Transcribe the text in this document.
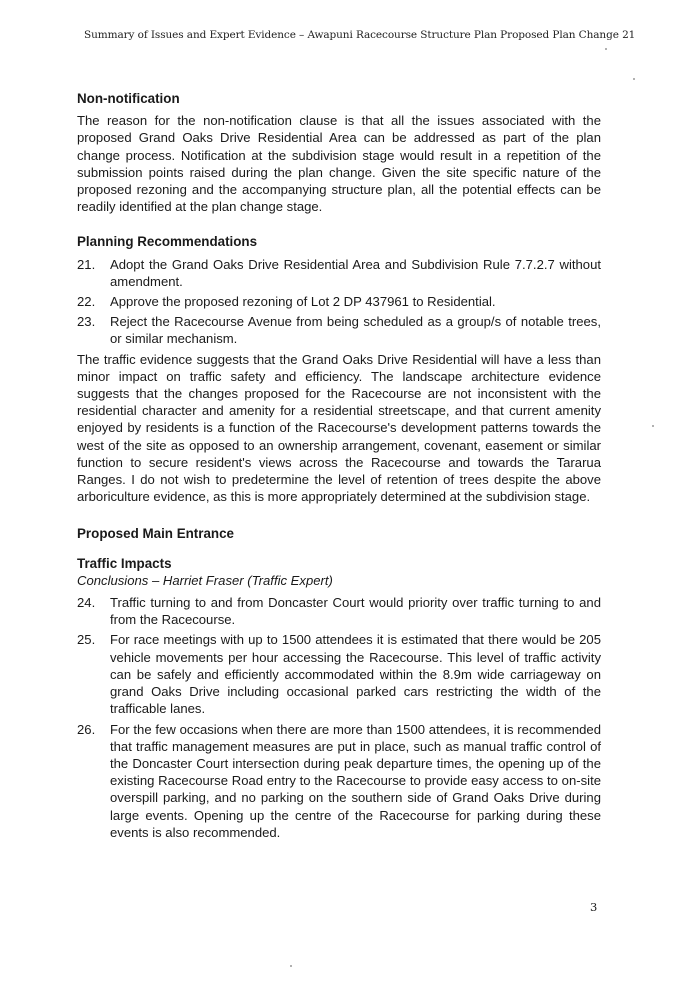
Summary of Issues and Expert Evidence – Awapuni Racecourse Structure Plan Proposed Plan Change 21
Non-notification

The reason for the non-notification clause is that all the issues associated with the proposed Grand Oaks Drive Residential Area can be addressed as part of the plan change process. Notification at the subdivision stage would result in a repetition of the submission points raised during the plan change. Given the site specific nature of the proposed rezoning and the accompanying structure plan, all the potential effects can be readily identified at the plan change stage.

Planning Recommendations
21.	Adopt the Grand Oaks Drive Residential Area and Subdivision Rule 7.7.2.7 without amendment.
22.	Approve the proposed rezoning of Lot 2 DP 437961 to Residential.
23.	Reject the Racecourse Avenue from being scheduled as a group/s of notable trees, or similar mechanism.

The traffic evidence suggests that the Grand Oaks Drive Residential will have a less than minor impact on traffic safety and efficiency. The landscape architecture evidence suggests that the changes proposed for the Racecourse are not inconsistent with the residential character and amenity for a residential streetscape, and that current amenity enjoyed by residents is a function of the Racecourse's development patterns towards the west of the site as opposed to an ownership arrangement, covenant, easement or similar function to secure resident's views across the Racecourse and towards the Tararua Ranges. I do not wish to predetermine the level of retention of trees despite the above arboriculture evidence, as this is more appropriately determined at the subdivision stage.

Proposed Main Entrance
Traffic Impacts

Conclusions – Harriet Fraser (Traffic Expert)

24.	Traffic turning to and from Doncaster Court would priority over traffic turning to and from the Racecourse.
25.	For race meetings with up to 1500 attendees it is estimated that there would be 205 vehicle movements per hour accessing the Racecourse. This level of traffic activity can be safely and efficiently accommodated within the 8.9m wide carriageway on grand Oaks Drive including occasional parked cars restricting the width of the trafficable lanes.
26.	For the few occasions when there are more than 1500 attendees, it is recommended that traffic management measures are put in place, such as manual traffic control of the Doncaster Court intersection during peak departure times, the opening up of the existing Racecourse Road entry to the Racecourse to provide easy access to on-site overspill parking, and no parking on the southern side of Grand Oaks Drive during large events. Opening up the centre of the Racecourse for parking during these events is also recommended.
3
